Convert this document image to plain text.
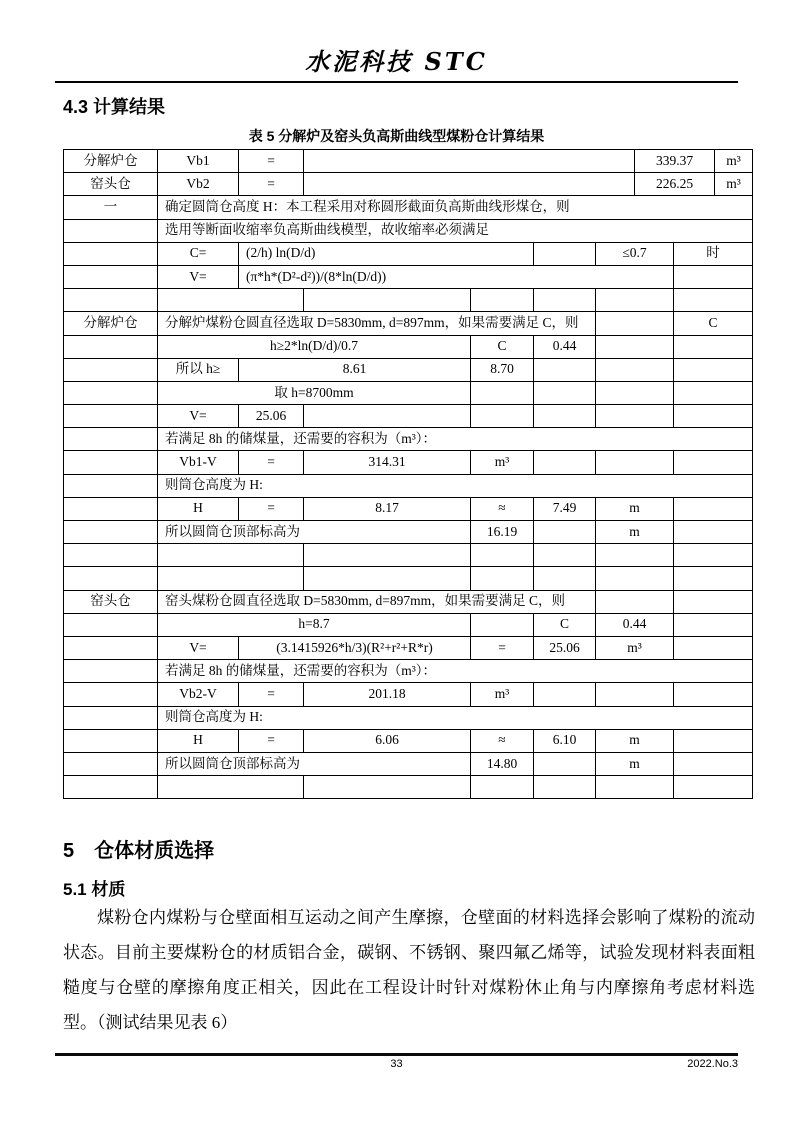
水泥科技 STC
4.3 计算结果
表 5 分解炉及窑头负高斯曲线型煤粉仓计算结果
分解炉仓	Vb1	=					339.37		m³
窑头仓	Vb2	=					226.25		m³
一	确定圆筒仓高度 H：本工程采用对称圆形截面负高斯曲线形煤仓，则								
	选用等断面收缩率负高斯曲线模型，故收缩率必须满足								
	C=	(2/h) ln(D/d)				≤0.7		时	
	V=	(π*h*(D²-d²))/(8*ln(D/d))							

分解炉仓	分解炉煤粉仓圆直径选取 D=5830mm, d=897mm，如果需要满足 C，则							C	
	h≥2*ln(D/d)/0.7			C	0.44				
	所以 h≥	8.61		8.70					
	取 h=8700mm								
	V=	25.06							
	若满足 8h 的储煤量，还需要的容积为（m³）：								
	Vb1-V	=	314.31	m³					
	则筒仓高度为 H:								
	H	=	8.17	≈	7.49	m			
	所以圆筒仓顶部标高为			16.19		m			

窑头仓	窑头煤粉仓圆直径选取 D=5830mm, d=897mm，如果需要满足 C，则								
	h=8.7				C	0.44			
	V=	(3.1415926*h/3)(R²+r²+R*r)		=	25.06	m³			
	若满足 8h 的储煤量，还需要的容积为（m³）：								
	Vb2-V	=	201.18	m³					
	则筒仓高度为 H:								
	H	=	6.06	≈	6.10	m			
	所以圆筒仓顶部标高为			14.80		m			

5　仓体材质选择
5.1 材质
煤粉仓内煤粉与仓壁面相互运动之间产生摩擦，仓壁面的材料选择会影响了煤粉的流动状态。目前主要煤粉仓的材质铝合金，碳钢、不锈钢、聚四氟乙烯等，试验发现材料表面粗糙度与仓壁的摩擦角度正相关，因此在工程设计时针对煤粉休止角与内摩擦角考虑材料选型。（测试结果见表 6）
33	2022.No.3
